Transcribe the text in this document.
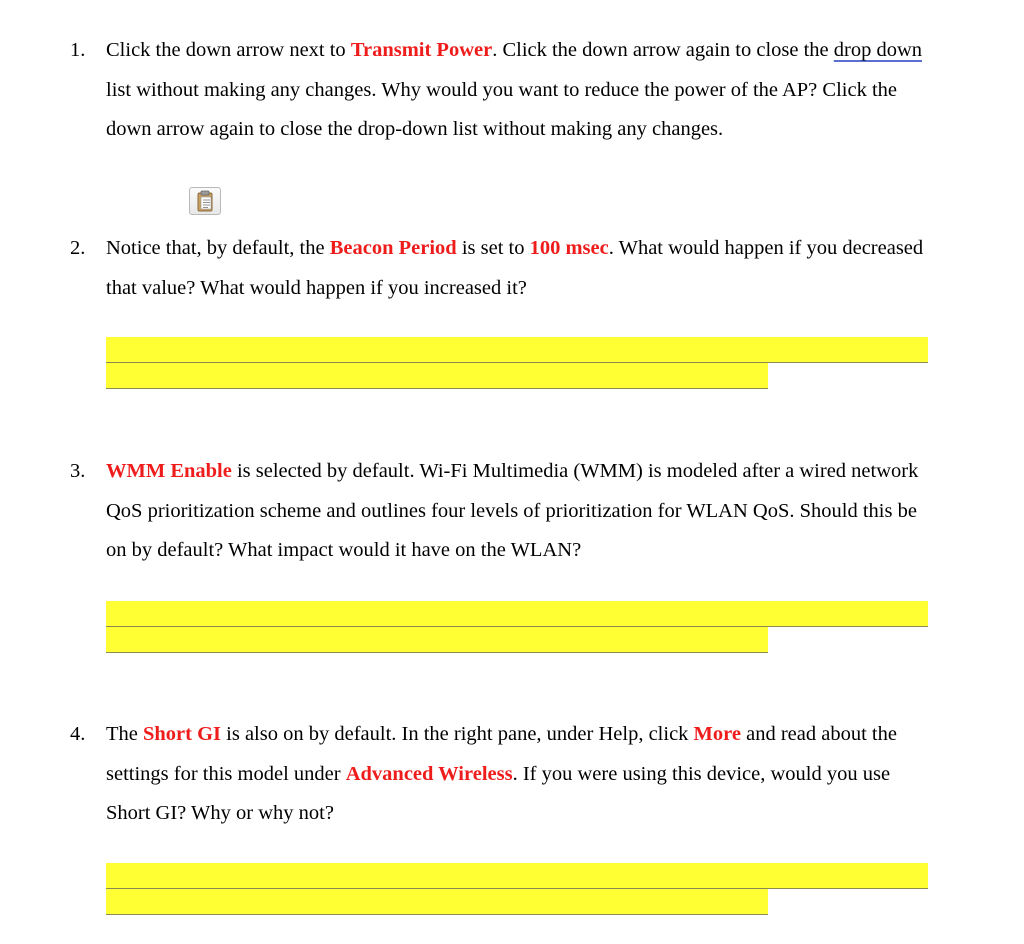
1. Click the down arrow next to Transmit Power. Click the down arrow again to close the drop down list without making any changes. Why would you want to reduce the power of the AP? Click the down arrow again to close the drop-down list without making any changes.
2. Notice that, by default, the Beacon Period is set to 100 msec. What would happen if you decreased that value? What would happen if you increased it?
3. WMM Enable is selected by default. Wi-Fi Multimedia (WMM) is modeled after a wired network QoS prioritization scheme and outlines four levels of prioritization for WLAN QoS. Should this be on by default? What impact would it have on the WLAN?
4. The Short GI is also on by default. In the right pane, under Help, click More and read about the settings for this model under Advanced Wireless. If you were using this device, would you use Short GI? Why or why not?
